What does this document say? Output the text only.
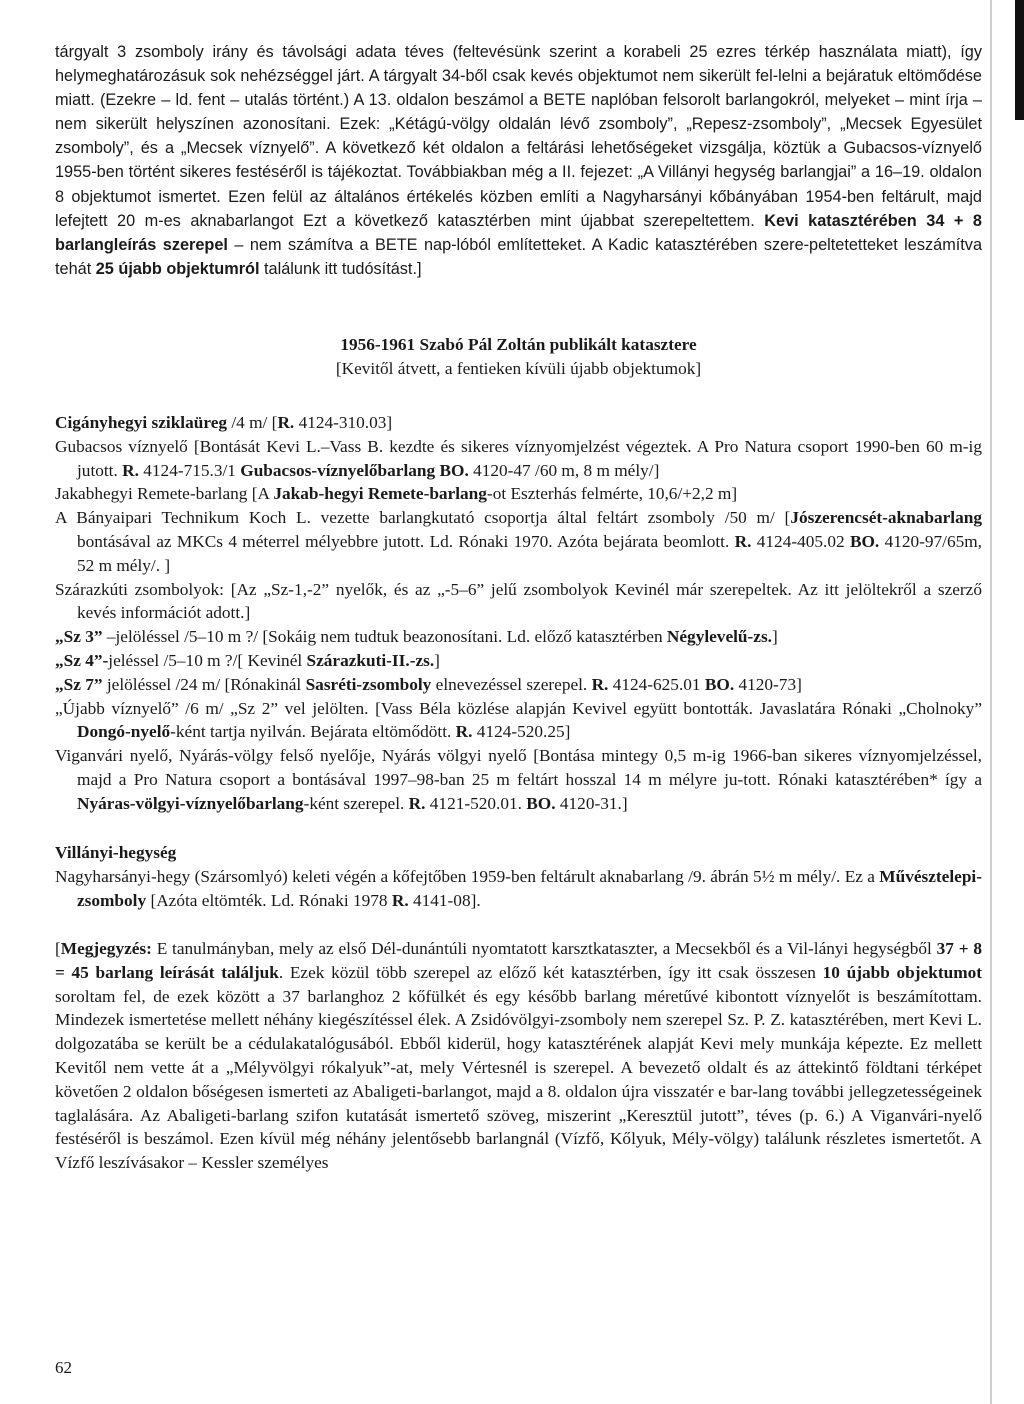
tárgyalt 3 zsomboly irány és távolsági adata téves (feltevésünk szerint a korabeli 25 ezres térkép használata miatt), így helymeghatározásuk sok nehézséggel járt. A tárgyalt 34-ből csak kevés objektumot nem sikerült fel-lelni a bejáratuk eltömődése miatt. (Ezekre – ld. fent – utalás történt.) A 13. oldalon beszámol a BETE naplóban felsorolt barlangokról, melyeket – mint írja – nem sikerült helyszínen azonosítani. Ezek: „Kétágú-völgy oldalán lévő zsomboly”, „Repesz-zsomboly”, „Mecsek Egyesület zsomboly”, és a „Mecsek víznyelő”. A következő két oldalon a feltárási lehetőségeket vizsgálja, köztük a Gubacsos-víznyelő 1955-ben történt sikeres festéséről is tájékoztat. Továbbiakban még a II. fejezet: „A Villányi hegység barlangjai” a 16–19. oldalon 8 objektumot ismertet. Ezen felül az általános értékelés közben említi a Nagyharsányi kőbányában 1954-ben feltárult, majd lefejtett 20 m-es aknabarlangot Ezt a következő katasztérben mint újabbat szerepeltettem. Kevi katasztérében 34 + 8 barlangleírás szerepel – nem számítva a BETE nap-lóból említetteket. A Kadic katasztérében szere-peltetetteket leszámítva tehát 25 újabb objektumról találunk itt tudósítást.]

1956-1961 Szabó Pál Zoltán publikált katasztere
[Kevitől átvett, a fentieken kívüli újabb objektumok]

Cigányhegyi sziklaüreg /4 m/ [R. 4124-310.03]

Gubacsos víznyelő [Bontását Kevi L.–Vass B. kezdte és sikeres víznyomjelzést végeztek. A Pro Natura csoport 1990-ben 60 m-ig jutott. R. 4124-715.3/1 Gubacsos-víznyelőbarlang BO. 4120-47 /60 m, 8 m mély/]

Jakabhegyi Remete-barlang [A Jakab-hegyi Remete-barlang-ot Eszterhás felmérte, 10,6/+2,2 m]

A Bányaipari Technikum Koch L. vezette barlangkutató csoportja által feltárt zsomboly /50 m/ [Jószerencsét-aknabarlang bontásával az MKCs 4 méterrel mélyebbre jutott. Ld. Rónaki 1970. Azóta bejárata beomlott. R. 4124-405.02 BO. 4120-97/65m, 52 m mély/. ]

Szárazkúti zsombolyok: [Az „Sz-1,-2” nyelők, és az „-5–6” jelű zsombolyok Kevinél már szerepeltek. Az itt jelöltekről a szerző kevés információt adott.]

„Sz 3” –jelöléssel /5–10 m ?/ [Sokáig nem tudtuk beazonosítani. Ld. előző katasztérben Négylevelű-zs.]

„Sz 4”-jeléssel /5–10 m ?/[ Kevinél Szárazkuti-II.-zs.]

„Sz 7” jelöléssel /24 m/ [Rónakinál Sasréti-zsomboly elnevezéssel szerepel. R. 4124-625.01 BO. 4120-73]

„Újabb víznyelő” /6 m/ „Sz 2” vel jelölten. [Vass Béla közlése alapján Kevivel együtt bontották. Javaslatára Rónaki „Cholnoky” Dongó-nyelő-ként tartja nyilván. Bejárata eltömődött. R. 4124-520.25]

Viganvári nyelő, Nyárás-völgy felső nyelője, Nyárás völgyi nyelő [Bontása mintegy 0,5 m-ig 1966-ban sikeres víznyomjelzéssel, majd a Pro Natura csoport a bontásával 1997–98-ban 25 m feltárt hosszal 14 m mélyre ju-tott. Rónaki katasztérében* így a Nyáras-völgyi-víznyelőbarlang-ként szerepel. R. 4121-520.01. BO. 4120-31.]

Villányi-hegység

Nagyharsányi-hegy (Szársomlyó) keleti végén a kőfejtőben 1959-ben feltárult aknabarlang /9. ábrán 5½ m mély/. Ez a Művésztelepi-zsomboly [Azóta eltömték. Ld. Rónaki 1978 R. 4141-08].

[Megjegyzés: E tanulmányban, mely az első Dél-dunántúli nyomtatott karsztkataszter, a Mecsekből és a Vil-lányi hegységből 37 + 8 = 45 barlang leírását találjuk. Ezek közül több szerepel az előző két katasztérben, így itt csak összesen 10 újabb objektumot soroltam fel, de ezek között a 37 barlanghoz 2 kőfülkét és egy később barlang méretűvé kibontott víznyelőt is beszámítottam. Mindezek ismertetése mellett néhány kiegészítéssel élek. A Zsidóvölgyi-zsomboly nem szerepel Sz. P. Z. katasztérében, mert Kevi L. dolgozatába se került be a cédulakatalógusából. Ebből kiderül, hogy katasztérének alapját Kevi mely munkája képezte. Ez mellett Kevitől nem vette át a „Mélyvölgyi rókalyuk”-at, mely Vértesnél is szerepel. A bevezető oldalt és az áttekintő földtani térképet követően 2 oldalon bőségesen ismerteti az Abaligeti-barlangot, majd a 8. oldalon újra visszatér e bar-lang további jellegzetességeinek taglalására. Az Abaligeti-barlang szifon kutatását ismertető szöveg, miszerint „Keresztül jutott”, téves (p. 6.) A Viganvári-nyelő festéséről is beszámol. Ezen kívül még néhány jelentősebb barlangnál (Vízfő, Kőlyuk, Mély-völgy) találunk részletes ismertetőt. A Vízfő leszívásakor – Kessler személyes
62
